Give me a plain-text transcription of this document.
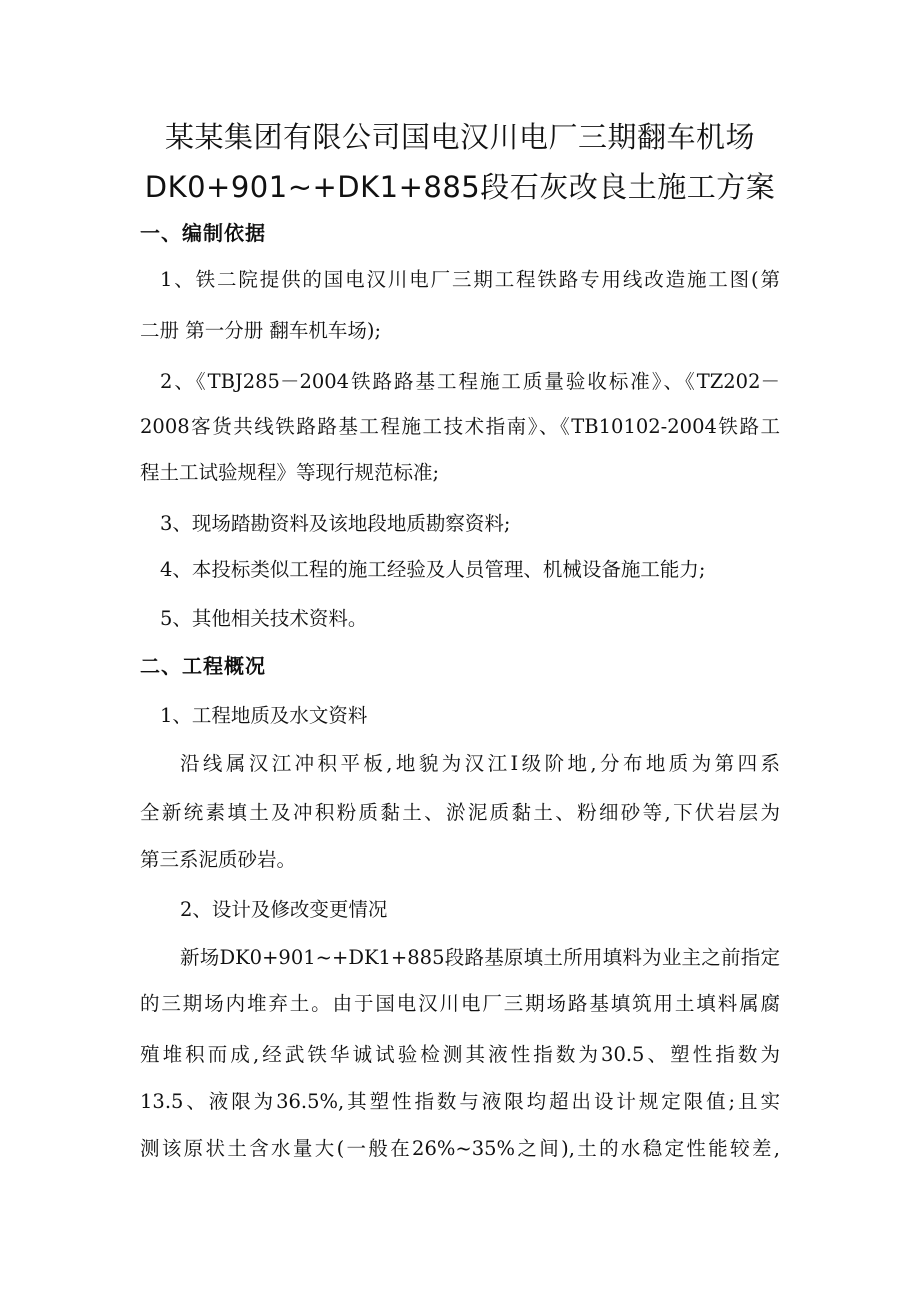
某某集团有限公司国电汉川电厂三期翻车机场
DK0+901~+DK1+885段石灰改良土施工方案
一、编制依据

1、铁二院提供的国电汉川电厂三期工程铁路专用线改造施工图(第

二册 第一分册 翻车机车场);

2、《TBJ285－2004铁路路基工程施工质量验收标准》、《TZ202－

2008客货共线铁路路基工程施工技术指南》、《TB10102-2004铁路工

程土工试验规程》等现行规范标准;

3、现场踏勘资料及该地段地质勘察资料;

4、本投标类似工程的施工经验及人员管理、机械设备施工能力;

5、其他相关技术资料。

二、工程概况

1、工程地质及水文资料

沿线属汉江冲积平板,地貌为汉江Ⅰ级阶地,分布地质为第四系

全新统素填土及冲积粉质黏土、淤泥质黏土、粉细砂等,下伏岩层为

第三系泥质砂岩。

2、设计及修改变更情况

新场DK0+901~+DK1+885段路基原填土所用填料为业主之前指定

的三期场内堆弃土。由于国电汉川电厂三期场路基填筑用土填料属腐

殖堆积而成,经武铁华诚试验检测其液性指数为30.5、塑性指数为

13.5、液限为36.5%,其塑性指数与液限均超出设计规定限值;且实

测该原状土含水量大(一般在26%~35%之间),土的水稳定性能较差,
